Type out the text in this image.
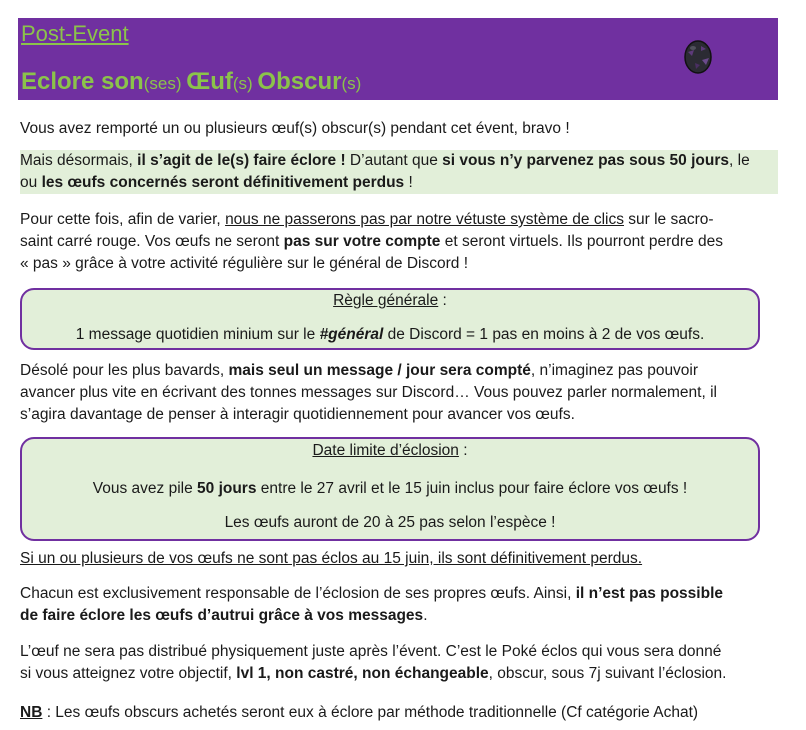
Post-Event
Eclore son(ses) Œuf(s) Obscur(s)

Vous avez remporté un ou plusieurs œuf(s) obscur(s) pendant cet évent, bravo !

Mais désormais, il s’agit de le(s) faire éclore ! D’autant que si vous n’y parvenez pas sous 50 jours, le
ou les œufs concernés seront définitivement perdus !

Pour cette fois, afin de varier, nous ne passerons pas par notre vétuste système de clics sur le sacro-
saint carré rouge. Vos œufs ne seront pas sur votre compte et seront virtuels. Ils pourront perdre des
« pas » grâce à votre activité régulière sur le général de Discord !

Règle générale :
1 message quotidien minium sur le #général de Discord = 1 pas en moins à 2 de vos œufs.

Désolé pour les plus bavards, mais seul un message / jour sera compté, n’imaginez pas pouvoir
avancer plus vite en écrivant des tonnes messages sur Discord… Vous pouvez parler normalement, il
s’agira davantage de penser à interagir quotidiennement pour avancer vos œufs.

Date limite d’éclosion :
Vous avez pile 50 jours entre le 27 avril et le 15 juin inclus pour faire éclore vos œufs !
Les œufs auront de 20 à 25 pas selon l’espèce !

Si un ou plusieurs de vos œufs ne sont pas éclos au 15 juin, ils sont définitivement perdus.

Chacun est exclusivement responsable de l’éclosion de ses propres œufs. Ainsi, il n’est pas possible
de faire éclore les œufs d’autrui grâce à vos messages.

L’œuf ne sera pas distribué physiquement juste après l’évent. C’est le Poké éclos qui vous sera donné
si vous atteignez votre objectif, lvl 1, non castré, non échangeable, obscur, sous 7j suivant l’éclosion.

NB : Les œufs obscurs achetés seront eux à éclore par méthode traditionnelle (Cf catégorie Achat)
